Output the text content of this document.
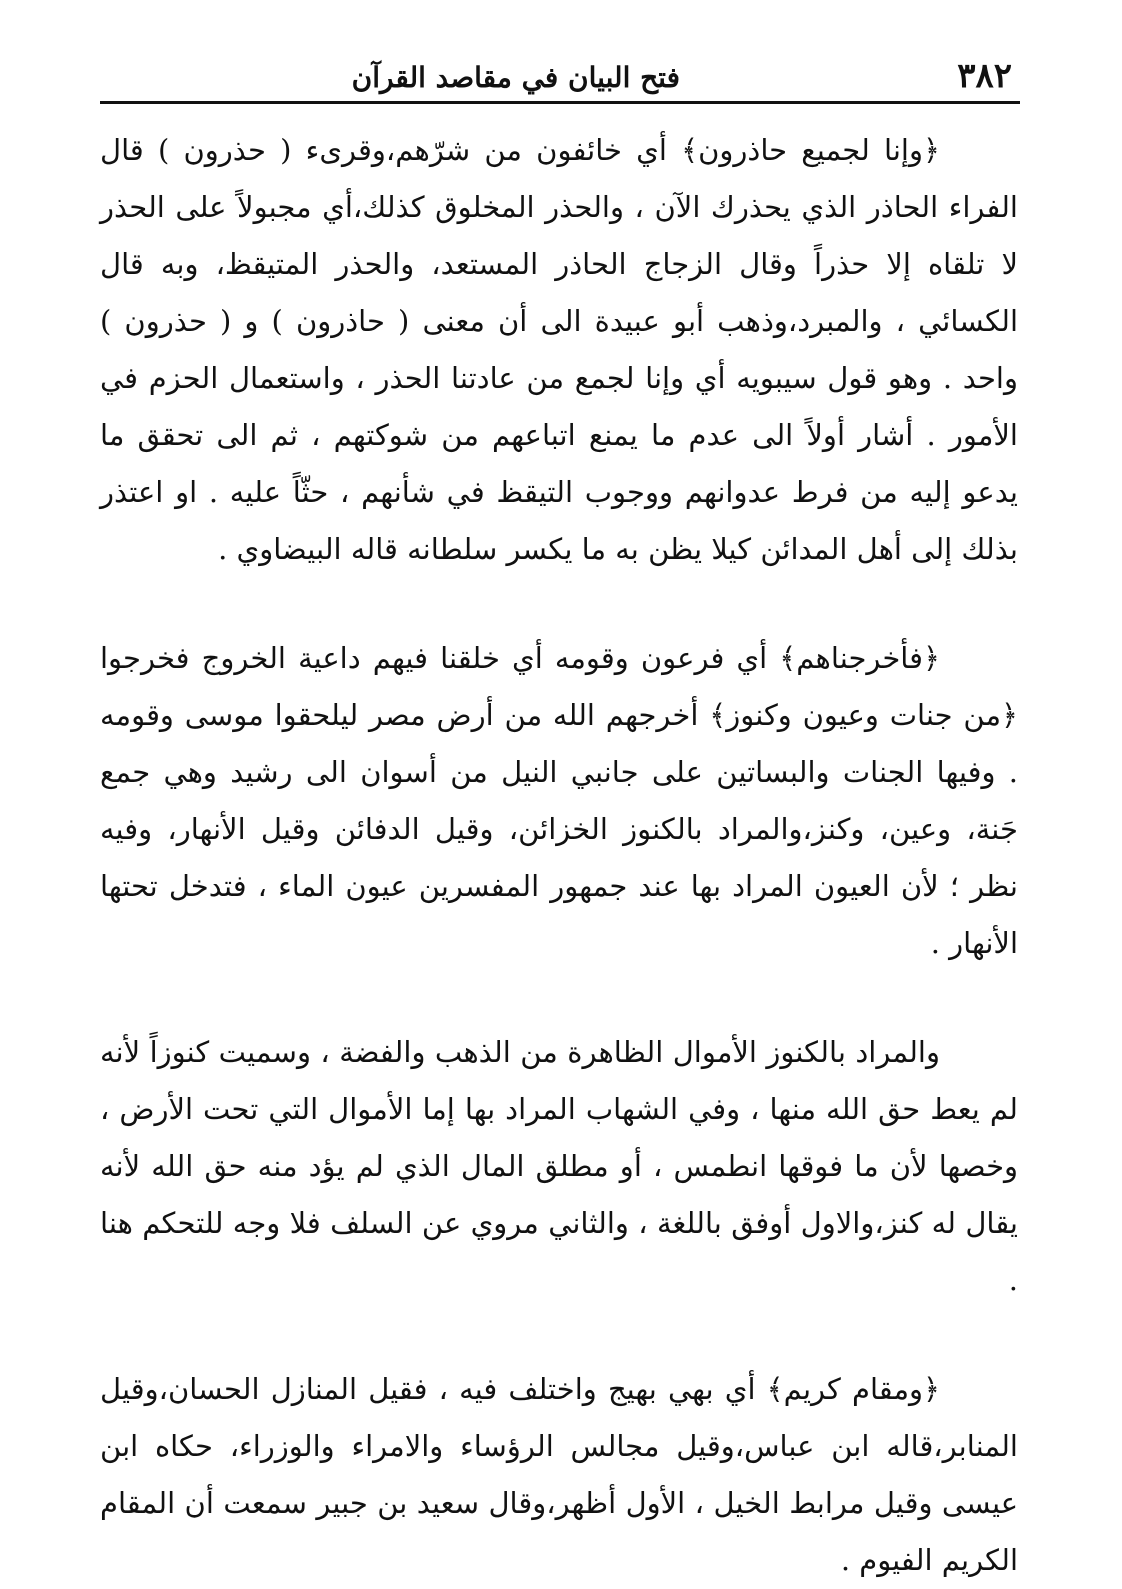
٣٨٢
فتح البيان في مقاصد القرآن

﴿وإنا لجميع حاذرون﴾ أي خائفون من شرّهم،وقرىء ( حذرون ) قال الفراء الحاذر الذي يحذرك الآن ، والحذر المخلوق كذلك،أي مجبولاً على الحذر لا تلقاه إلا حذراً وقال الزجاج الحاذر المستعد، والحذر المتيقظ، وبه قال الكسائي ، والمبرد،وذهب أبو عبيدة الى أن معنى ( حاذرون ) و ( حذرون ) واحد . وهو قول سيبويه أي وإنا لجمع من عادتنا الحذر ، واستعمال الحزم في الأمور . أشار أولاً الى عدم ما يمنع اتباعهم من شوكتهم ، ثم الى تحقق ما يدعو إليه من فرط عدوانهم ووجوب التيقظ في شأنهم ، حثّاً عليه . او اعتذر بذلك إلى أهل المدائن كيلا يظن به ما يكسر سلطانه قاله البيضاوي .

﴿فأخرجناهم﴾ أي فرعون وقومه أي خلقنا فيهم داعية الخروج فخرجوا ﴿من جنات وعيون وكنوز﴾ أخرجهم الله من أرض مصر ليلحقوا موسى وقومه . وفيها الجنات والبساتين على جانبي النيل من أسوان الى رشيد وهي جمع جَنة، وعين، وكنز،والمراد بالكنوز الخزائن، وقيل الدفائن وقيل الأنهار، وفيه نظر ؛ لأن العيون المراد بها عند جمهور المفسرين عيون الماء ، فتدخل تحتها الأنهار .

والمراد بالكنوز الأموال الظاهرة من الذهب والفضة ، وسميت كنوزاً لأنه لم يعط حق الله منها ، وفي الشهاب المراد بها إما الأموال التي تحت الأرض ، وخصها لأن ما فوقها انطمس ، أو مطلق المال الذي لم يؤد منه حق الله لأنه يقال له كنز،والاول أوفق باللغة ، والثاني مروي عن السلف فلا وجه للتحكم هنا .

﴿ومقام كريم﴾ أي بهي بهيج واختلف فيه ، فقيل المنازل الحسان،وقيل المنابر،قاله ابن عباس،وقيل مجالس الرؤساء والامراء والوزراء، حكاه ابن عيسى وقيل مرابط الخيل ، الأول أظهر،وقال سعيد بن جبير سمعت أن المقام الكريم الفيوم .
